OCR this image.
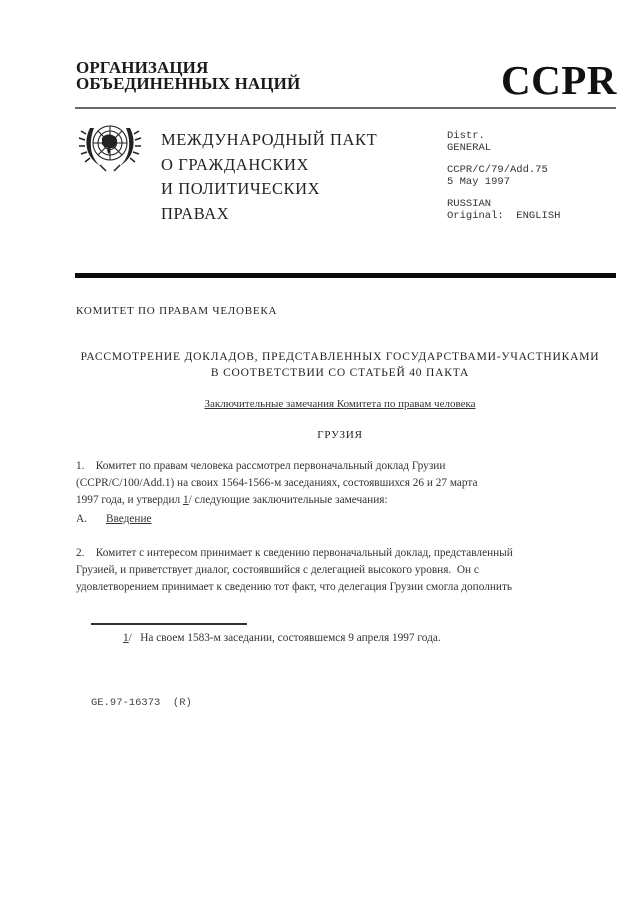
ОРГАНИЗАЦИЯ
ОБЪЕДИНЕННЫХ НАЦИЙ	CCPR
МЕЖДУНАРОДНЫЙ ПАКТ
О ГРАЖДАНСКИХ
И ПОЛИТИЧЕСКИХ
ПРАВАХ
Distr.
GENERAL
CCPR/C/79/Add.75
5 May 1997
RUSSIAN
Original:  ENGLISH
КОМИТЕТ ПО ПРАВАМ ЧЕЛОВЕКА
РАССМОТРЕНИЕ ДОКЛАДОВ, ПРЕДСТАВЛЕННЫХ ГОСУДАРСТВАМИ-УЧАСТНИКАМИ
В СООТВЕТСТВИИ СО СТАТЬЕЙ 40 ПАКТА
Заключительные замечания Комитета по правам человека
ГРУЗИЯ
1.    Комитет по правам человека рассмотрел первоначальный доклад Грузии
(CCPR/C/100/Add.1) на своих 1564-1566-м заседаниях, состоявшихся 26 и 27 марта
1997 года, и утвердил 1/ следующие заключительные замечания:
A. Введение
2.    Комитет с интересом принимает к сведению первоначальный доклад, представленный
Грузией, и приветствует диалог, состоявшийся с делегацией высокого уровня.  Он с
удовлетворением принимает к сведению тот факт, что делегация Грузии смогла дополнить
1/   На своем 1583-м заседании, состоявшемся 9 апреля 1997 года.
GE.97-16373  (R)
